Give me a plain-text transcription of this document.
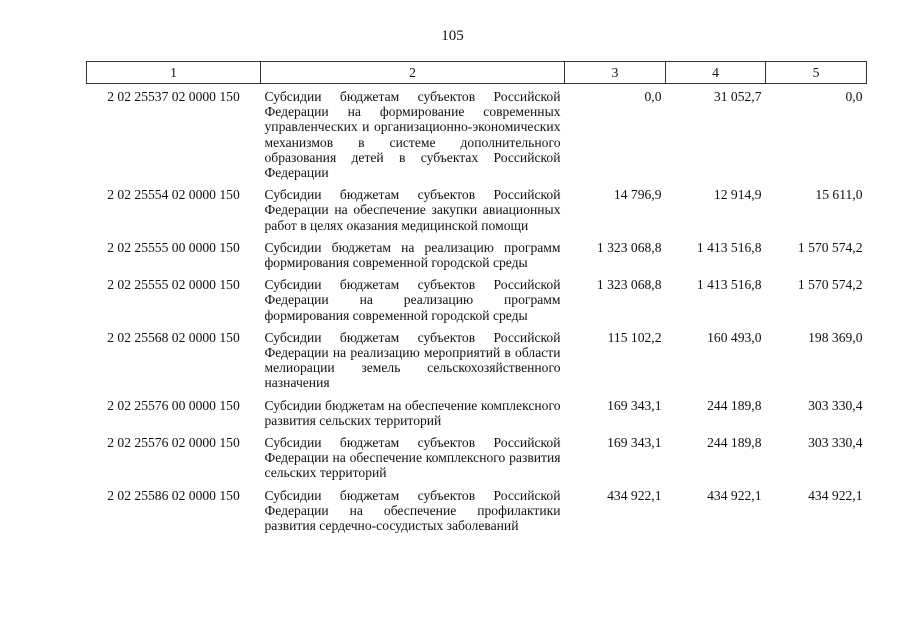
105
1	2	3	4	5
2 02 25537 02 0000 150	Субсидии бюджетам субъектов Российской Федерации на формирование современных управленческих и организационно-экономических механизмов в системе дополнительного образования детей в субъектах Российской Федерации	0,0	31 052,7	0,0
2 02 25554 02 0000 150	Субсидии бюджетам субъектов Российской Федерации на обеспечение закупки авиационных работ в целях оказания медицинской помощи	14 796,9	12 914,9	15 611,0
2 02 25555 00 0000 150	Субсидии бюджетам на реализацию программ формирования современной городской среды	1 323 068,8	1 413 516,8	1 570 574,2
2 02 25555 02 0000 150	Субсидии бюджетам субъектов Российской Федерации на реализацию программ формирования современной городской среды	1 323 068,8	1 413 516,8	1 570 574,2
2 02 25568 02 0000 150	Субсидии бюджетам субъектов Российской Федерации на реализацию мероприятий в области мелиорации земель сельскохозяйственного назначения	115 102,2	160 493,0	198 369,0
2 02 25576 00 0000 150	Субсидии бюджетам на обеспечение комплексного развития сельских территорий	169 343,1	244 189,8	303 330,4
2 02 25576 02 0000 150	Субсидии бюджетам субъектов Российской Федерации на обеспечение комплексного развития сельских территорий	169 343,1	244 189,8	303 330,4
2 02 25586 02 0000 150	Субсидии бюджетам субъектов Российской Федерации на обеспечение профилактики развития сердечно-сосудистых заболеваний	434 922,1	434 922,1	434 922,1
